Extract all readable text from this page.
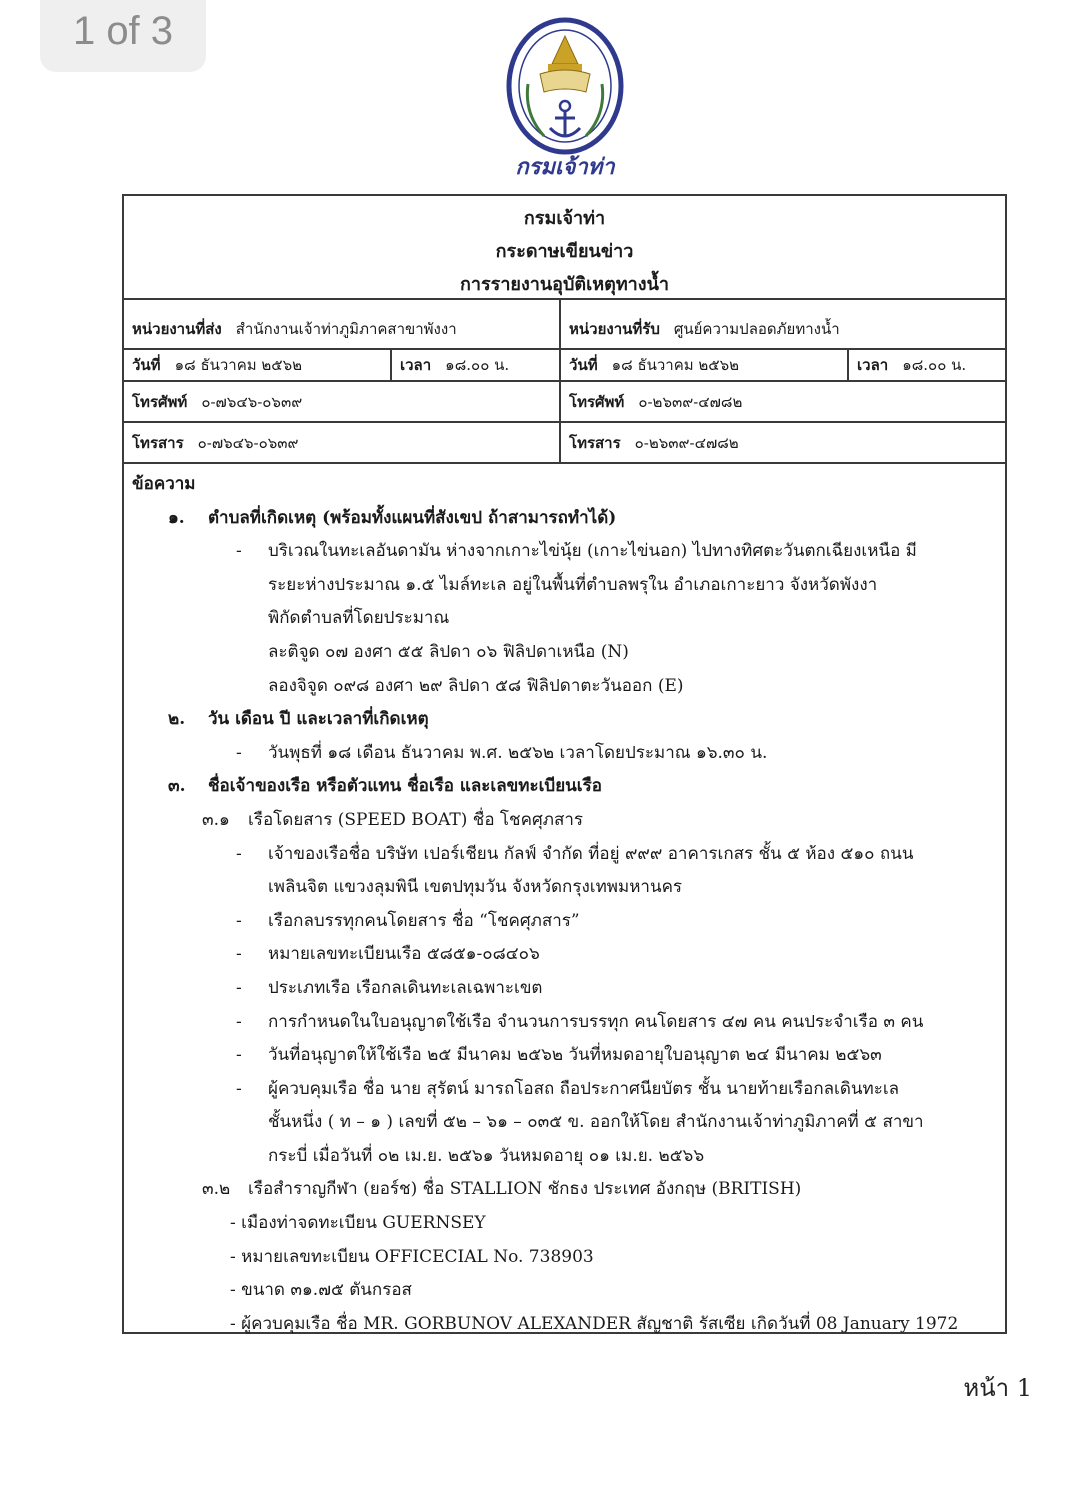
1 of 3
กรมเจ้าท่า
กรมเจ้าท่า
กระดาษเขียนข่าว
การรายงานอุบัติเหตุทางน้ำ
หน่วยงานที่ส่ง สำนักงานเจ้าท่าภูมิภาคสาขาพังงา		หน่วยงานที่รับ ศูนย์ความปลอดภัยทางน้ำ	
วันที่ ๑๘ ธันวาคม ๒๕๖๒	เวลา ๑๘.๐๐ น.	วันที่ ๑๘ ธันวาคม ๒๕๖๒	เวลา ๑๘.๐๐ น.
โทรศัพท์ ๐-๗๖๔๖-๐๖๓๙		โทรศัพท์ ๐-๒๖๓๙-๔๗๘๒	
โทรสาร ๐-๗๖๔๖-๐๖๓๙		โทรสาร ๐-๒๖๓๙-๔๗๘๒	
ข้อความ
๑. ตำบลที่เกิดเหตุ (พร้อมทั้งแผนที่สังเขป ถ้าสามารถทำได้)
- บริเวณในทะเลอันดามัน ห่างจากเกาะไข่นุ้ย (เกาะไข่นอก) ไปทางทิศตะวันตกเฉียงเหนือ มี
ระยะห่างประมาณ ๑.๕ ไมล์ทะเล อยู่ในพื้นที่ตำบลพรุใน อำเภอเกาะยาว จังหวัดพังงา
พิกัดตำบลที่โดยประมาณ
ละติจูด ๐๗ องศา ๕๕ ลิปดา ๐๖ ฟิลิปดาเหนือ (N)
ลองจิจูด ๐๙๘ องศา ๒๙ ลิปดา ๕๘ ฟิลิปดาตะวันออก (E)
๒. วัน เดือน ปี และเวลาที่เกิดเหตุ
- วันพุธที่ ๑๘ เดือน ธันวาคม พ.ศ. ๒๕๖๒ เวลาโดยประมาณ ๑๖.๓๐ น.
๓. ชื่อเจ้าของเรือ หรือตัวแทน ชื่อเรือ และเลขทะเบียนเรือ
๓.๑ เรือโดยสาร (SPEED BOAT) ชื่อ โชคศุภสาร
- เจ้าของเรือชื่อ บริษัท เปอร์เชียน กัลฟ์ จำกัด ที่อยู่ ๙๙๙ อาคารเกสร ชั้น ๕ ห้อง ๕๑๐ ถนน
เพลินจิต แขวงลุมพินี เขตปทุมวัน จังหวัดกรุงเทพมหานคร
- เรือกลบรรทุกคนโดยสาร ชื่อ “โชคศุภสาร”
- หมายเลขทะเบียนเรือ ๕๘๕๑-๐๘๔๐๖
- ประเภทเรือ เรือกลเดินทะเลเฉพาะเขต
- การกำหนดในใบอนุญาตใช้เรือ จำนวนการบรรทุก คนโดยสาร ๔๗ คน คนประจำเรือ ๓ คน
- วันที่อนุญาตให้ใช้เรือ ๒๕ มีนาคม ๒๕๖๒ วันที่หมดอายุใบอนุญาต ๒๔ มีนาคม ๒๕๖๓
- ผู้ควบคุมเรือ ชื่อ นาย สุรัตน์ มารถโอสถ ถือประกาศนียบัตร ชั้น นายท้ายเรือกลเดินทะเล
ชั้นหนึ่ง ( ท – ๑ ) เลขที่ ๕๒ – ๖๑ – ๐๓๕ ข. ออกให้โดย สำนักงานเจ้าท่าภูมิภาคที่ ๕ สาขา
กระบี่ เมื่อวันที่ ๐๒ เม.ย. ๒๕๖๑ วันหมดอายุ ๐๑ เม.ย. ๒๕๖๖
๓.๒ เรือสำราญกีฬา (ยอร์ช) ชื่อ STALLION ชักธง ประเทศ อังกฤษ (BRITISH)
- เมืองท่าจดทะเบียน GUERNSEY
- หมายเลขทะเบียน OFFICECIAL No. 738903
- ขนาด ๓๑.๗๕ ตันกรอส
- ผู้ควบคุมเรือ ชื่อ MR. GORBUNOV ALEXANDER สัญชาติ รัสเซีย เกิดวันที่ 08 January 1972
หน้า 1
